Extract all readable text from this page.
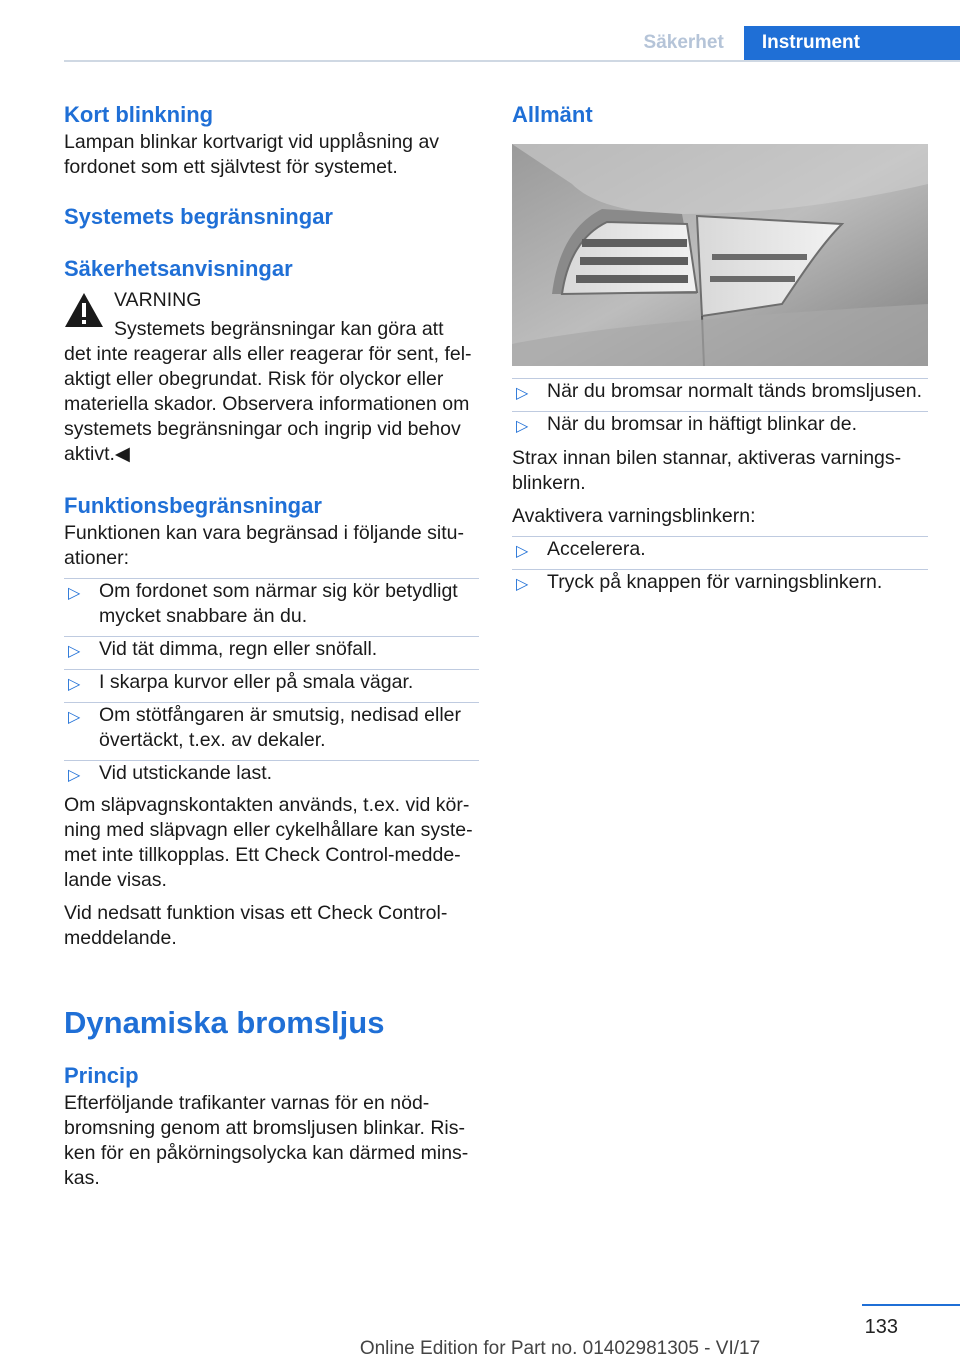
Säkerhet	Instrument
Kort blinkning

Lampan blinkar kortvarigt vid upplåsning av fordonet som ett självtest för systemet.

Systemets begränsningar
Säkerhetsanvisningar
VARNING

Systemets begränsningar kan göra att

det inte reagerar alls eller reagerar för sent, felaktigt eller obegrundat. Risk för olyckor eller materiella skador. Observera informationen om systemets begränsningar och ingrip vid behov aktivt.◀

Funktionsbegränsningar

Funktionen kan vara begränsad i följande situationer:

▷ Om fordonet som närmar sig kör betydligt mycket snabbare än du.
▷ Vid tät dimma, regn eller snöfall.
▷ I skarpa kurvor eller på smala vägar.
▷ Om stötfångaren är smutsig, nedisad eller övertäckt, t.ex. av dekaler.
▷ Vid utstickande last.

Om släpvagnskontakten används, t.ex. vid körning med släpvagn eller cykelhållare kan systemet inte tillkopplas. Ett Check Control-meddelande visas.

Vid nedsatt funktion visas ett Check Control-meddelande.

Dynamiska bromsljus
Princip

Efterföljande trafikanter varnas för en nödbromsning genom att bromsljusen blinkar. Risken för en påkörningsolycka kan därmed minskas.

Allmänt
▷ När du bromsar normalt tänds bromsljusen.
▷ När du bromsar in häftigt blinkar de.

Strax innan bilen stannar, aktiveras varningsblinkern.

Avaktivera varningsblinkern:

▷ Accelerera.
▷ Tryck på knappen för varningsblinkern.
133
Online Edition for Part no. 01402981305 - VI/17
